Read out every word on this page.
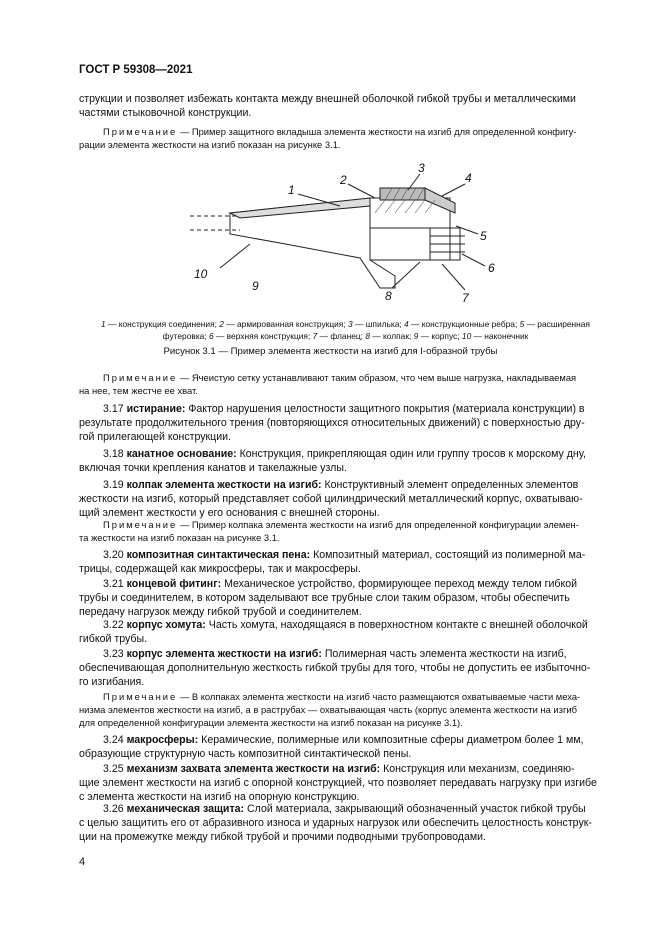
ГОСТ Р 59308—2021
струкции и позволяет избежать контакта между внешней оболочкой гибкой трубы и металлическими
частями стыковочной конструкции.
Примечание — Пример защитного вкладыша элемента жесткости на изгиб для определенной конфигу-
рации элемента жесткости на изгиб показан на рисунке 3.1.
1
2
3
4
5
6
7
8
9
10
1 — конструкция соединения; 2 — армированная конструкция; 3 — шпилька; 4 — конструкционные ребра; 5 — расширенная
футеровка; 6 — верхняя конструкция; 7 — фланец; 8 — колпак; 9 — корпус; 10 — наконечник
Рисунок 3.1 — Пример элемента жесткости на изгиб для I-образной трубы
Примечание — Ячеистую сетку устанавливают таким образом, что чем выше нагрузка, накладываемая
на нее, тем жестче ее хват.
3.17 истирание: Фактор нарушения целостности защитного покрытия (материала конструкции) в
результате продолжительного трения (повторяющихся относительных движений) с поверхностью дру-
гой прилегающей конструкции.
3.18 канатное основание: Конструкция, прикрепляющая один или группу тросов к морскому дну,
включая точки крепления канатов и такелажные узлы.
3.19 колпак элемента жесткости на изгиб: Конструктивный элемент определенных элементов
жесткости на изгиб, который представляет собой цилиндрический металлический корпус, охватываю-
щий элемент жесткости у его основания с внешней стороны.
Примечание — Пример колпака элемента жесткости на изгиб для определенной конфигурации элемен-
та жесткости на изгиб показан на рисунке 3.1.
3.20 композитная синтактическая пена: Композитный материал, состоящий из полимерной ма-
трицы, содержащей как микросферы, так и макросферы.
3.21 концевой фитинг: Механическое устройство, формирующее переход между телом гибкой
трубы и соединителем, в котором заделывают все трубные слои таким образом, чтобы обеспечить
передачу нагрузок между гибкой трубой и соединителем.
3.22 корпус хомута: Часть хомута, находящаяся в поверхностном контакте с внешней оболочкой
гибкой трубы.
3.23 корпус элемента жесткости на изгиб: Полимерная часть элемента жесткости на изгиб,
обеспечивающая дополнительную жесткость гибкой трубы для того, чтобы не допустить ее избыточно-
го изгибания.
Примечание — В колпаках элемента жесткости на изгиб часто размещаются охватываемые части меха-
низма элементов жесткости на изгиб, а в раструбах — охватывающая часть (корпус элемента жесткости на изгиб
для определенной конфигурации элемента жесткости на изгиб показан на рисунке 3.1).
3.24 макросферы: Керамические, полимерные или композитные сферы диаметром более 1 мм,
образующие структурную часть композитной синтактической пены.
3.25 механизм захвата элемента жесткости на изгиб: Конструкция или механизм, соединяю-
щие элемент жесткости на изгиб с опорной конструкцией, что позволяет передавать нагрузку при изгибе
с элемента жесткости на изгиб на опорную конструкцию.
3.26 механическая защита: Слой материала, закрывающий обозначенный участок гибкой трубы
с целью защитить его от абразивного износа и ударных нагрузок или обеспечить целостность конструк-
ции на промежутке между гибкой трубой и прочими подводными трубопроводами.
4
